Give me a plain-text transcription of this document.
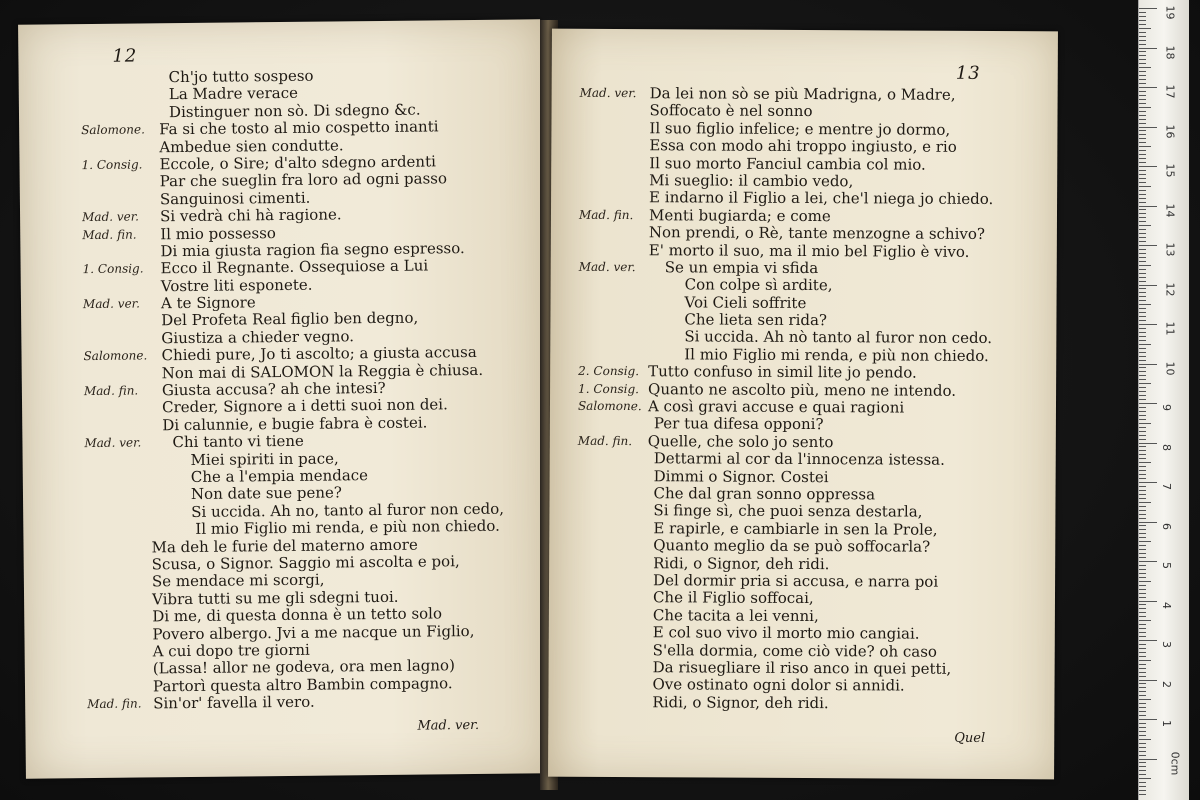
12
Ch'jo tutto sospeso
La Madre verace
Distinguer non sò. Di sdegno &c.
Salomone. Fa si che tosto al mio cospetto inanti
Ambedue sien condutte.
1. Consig. Eccole, o Sire; d'alto sdegno ardenti
Par che sueglin fra loro ad ogni passo
Sanguinosi cimenti.
Mad. ver. Si vedrà chi hà ragione.
Mad. fin. Il mio possesso
Di mia giusta ragion fia segno espresso.
1. Consig. Ecco il Regnante. Ossequiose a Lui
Vostre liti esponete.
Mad. ver. A te Signore
Del Profeta Real figlio ben degno,
Giustiza a chieder vegno.
Salomone. Chiedi pure, Jo ti ascolto; a giusta accusa
Non mai di SALOMON la Reggia è chiusa.
Mad. fin. Giusta accusa? ah che intesi?
Creder, Signore a i detti suoi non dei.
Di calunnie, e bugie fabra è costei.
Mad. ver. Chi tanto vi tiene
Miei spiriti in pace,
Che a l'empia mendace
Non date sue pene?
Si uccida. Ah no, tanto al furor non cedo,
Il mio Figlio mi renda, e più non chiedo.
Ma deh le furie del materno amore
Scusa, o Signor. Saggio mi ascolta e poi,
Se mendace mi scorgi,
Vibra tutti su me gli sdegni tuoi.
Di me, di questa donna è un tetto solo
Povero albergo. Jvi a me nacque un Figlio,
A cui dopo tre giorni
(Lassa! allor ne godeva, ora men lagno)
Partorì questa altro Bambin compagno.
Mad. fin. Sin'or' favella il vero.
Mad. ver.
13
Mad. ver. Da lei non sò se più Madrigna, o Madre,
Soffocato è nel sonno
Il suo figlio infelice; e mentre jo dormo,
Essa con modo ahi troppo ingiusto, e rio
Il suo morto Fanciul cambia col mio.
Mi sueglio: il cambio vedo,
E indarno il Figlio a lei, che'l niega jo chiedo.
Mad. fin. Menti bugiarda; e come
Non prendi, o Rè, tante menzogne a schivo?
E' morto il suo, ma il mio bel Figlio è vivo.
Mad. ver. Se un empia vi sfida
Con colpe sì ardite,
Voi Cieli soffrite
Che lieta sen rida?
Si uccida. Ah nò tanto al furor non cedo.
Il mio Figlio mi renda, e più non chiedo.
2. Consig. Tutto confuso in simil lite jo pendo.
1. Consig. Quanto ne ascolto più, meno ne intendo.
Salomone. A così gravi accuse e quai ragioni
Per tua difesa opponi?
Mad. fin. Quelle, che solo jo sento
Dettarmi al cor da l'innocenza istessa.
Dimmi o Signor. Costei
Che dal gran sonno oppressa
Si finge sì, che puoi senza destarla,
E rapirle, e cambiarle in sen la Prole,
Quanto meglio da se può soffocarla?
Ridi, o Signor, deh ridi.
Del dormir pria si accusa, e narra poi
Che il Figlio soffocai,
Che tacita a lei venni,
E col suo vivo il morto mio cangiai.
S'ella dormia, come ciò vide? oh caso
Da risuegliare il riso anco in quei petti,
Ove ostinato ogni dolor si annidi.
Ridi, o Signor, deh ridi.
Quel
19
18
17
16
15
14
13
12
11
10
9
8
7
6
5
4
3
2
1
0cm
